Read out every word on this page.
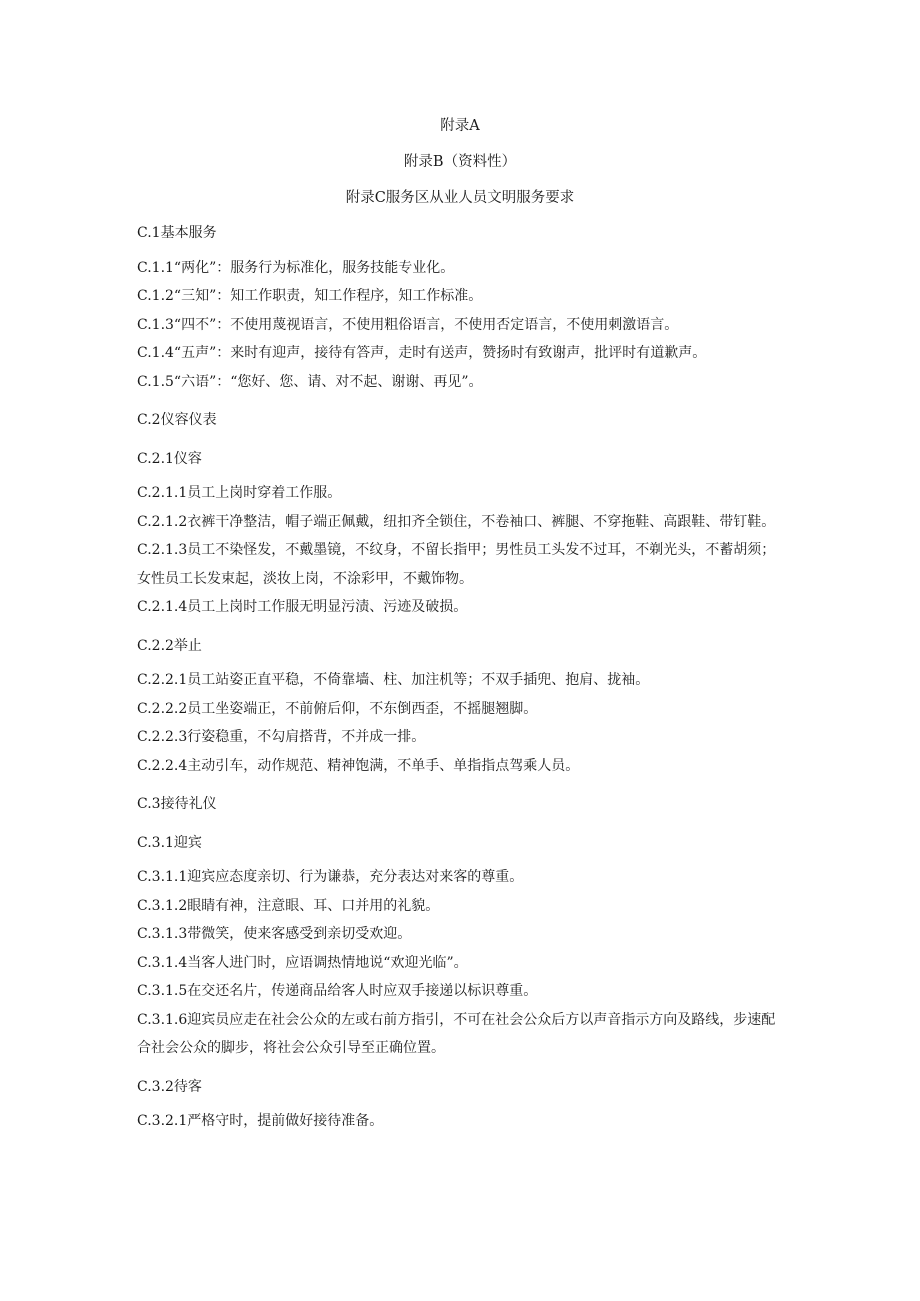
附录A

附录B（资料性）

附录C服务区从业人员文明服务要求

C.1基本服务

C.1.1“两化”：服务行为标准化，服务技能专业化。

C.1.2“三知”：知工作职责，知工作程序，知工作标准。

C.1.3“四不”：不使用蔑视语言，不使用粗俗语言，不使用否定语言，不使用刺激语言。

C.1.4“五声”：来时有迎声，接待有答声，走时有送声，赞扬时有致谢声，批评时有道歉声。

C.1.5“六语”：“您好、您、请、对不起、谢谢、再见”。

C.2仪容仪表

C.2.1仪容

C.2.1.1员工上岗时穿着工作服。

C.2.1.2衣裤干净整洁，帽子端正佩戴，纽扣齐全锁住，不卷袖口、裤腿、不穿拖鞋、高跟鞋、带钉鞋。

C.2.1.3员工不染怪发，不戴墨镜，不纹身，不留长指甲；男性员工头发不过耳，不剃光头，不蓄胡须；女性员工长发束起，淡妆上岗，不涂彩甲，不戴饰物。

C.2.1.4员工上岗时工作服无明显污渍、污迹及破损。

C.2.2举止

C.2.2.1员工站姿正直平稳，不倚靠墙、柱、加注机等；不双手插兜、抱肩、拢袖。

C.2.2.2员工坐姿端正，不前俯后仰，不东倒西歪，不摇腿翘脚。

C.2.2.3行姿稳重，不勾肩搭背，不并成一排。

C.2.2.4主动引车，动作规范、精神饱满，不单手、单指指点驾乘人员。

C.3接待礼仪

C.3.1迎宾

C.3.1.1迎宾应态度亲切、行为谦恭，充分表达对来客的尊重。

C.3.1.2眼睛有神，注意眼、耳、口并用的礼貌。

C.3.1.3带微笑，使来客感受到亲切受欢迎。

C.3.1.4当客人进门时，应语调热情地说“欢迎光临”。

C.3.1.5在交还名片，传递商品给客人时应双手接递以标识尊重。

C.3.1.6迎宾员应走在社会公众的左或右前方指引，不可在社会公众后方以声音指示方向及路线，步速配合社会公众的脚步，将社会公众引导至正确位置。

C.3.2待客

C.3.2.1严格守时，提前做好接待准备。
